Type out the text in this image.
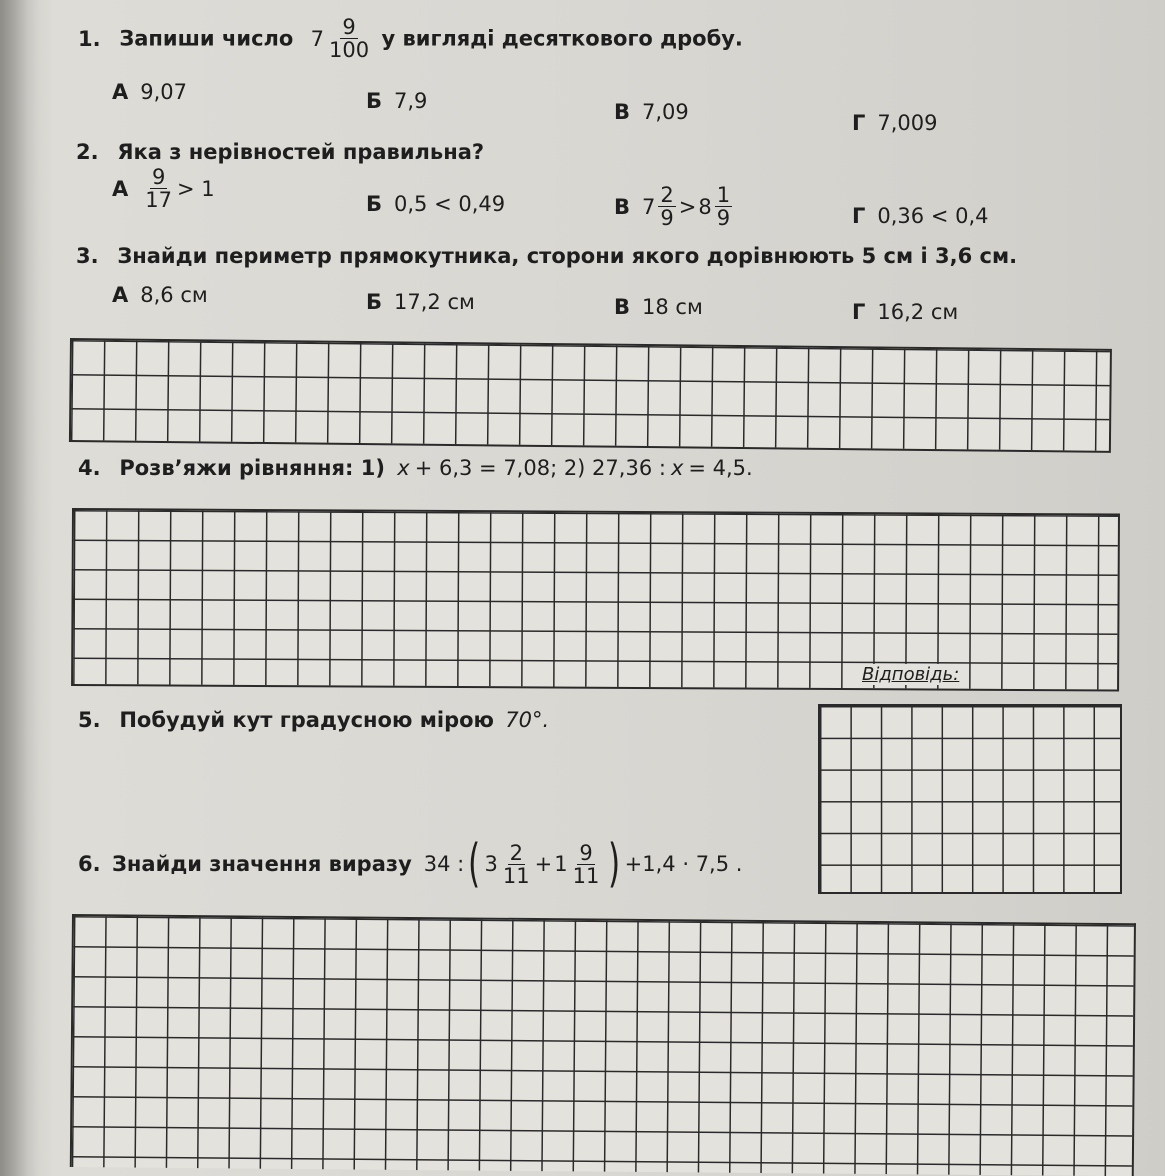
1. Запиши число $7 \frac{9}{100}$ у вигляді десяткового дробу.
А 9,07	Б 7,9	В 7,09	Г 7,009
2. Яка з нерівностей правильна?
А $\frac{9}{17} > 1$
Б 0,5 < 0,49	В $7 \frac{2}{9} > 8 \frac{1}{9}$	Г 0,36 < 0,4
3. Знайди периметр прямокутника, сторони якого дорівнюють 5 см і 3,6 см.
А 8,6 см	Б 17,2 см	В 18 см	Г 16,2 см
4. Розв’яжи рівняння: 1) x + 6,3 = 7,08; 2) 27,36 : x = 4,5.
Відповідь:
5. Побудуй кут градусною мірою 70°.
6. Знайди значення виразу 34 : ( $3 \frac{2}{11} + 1 \frac{9}{11}$ ) +1,4 · 7,5 .
